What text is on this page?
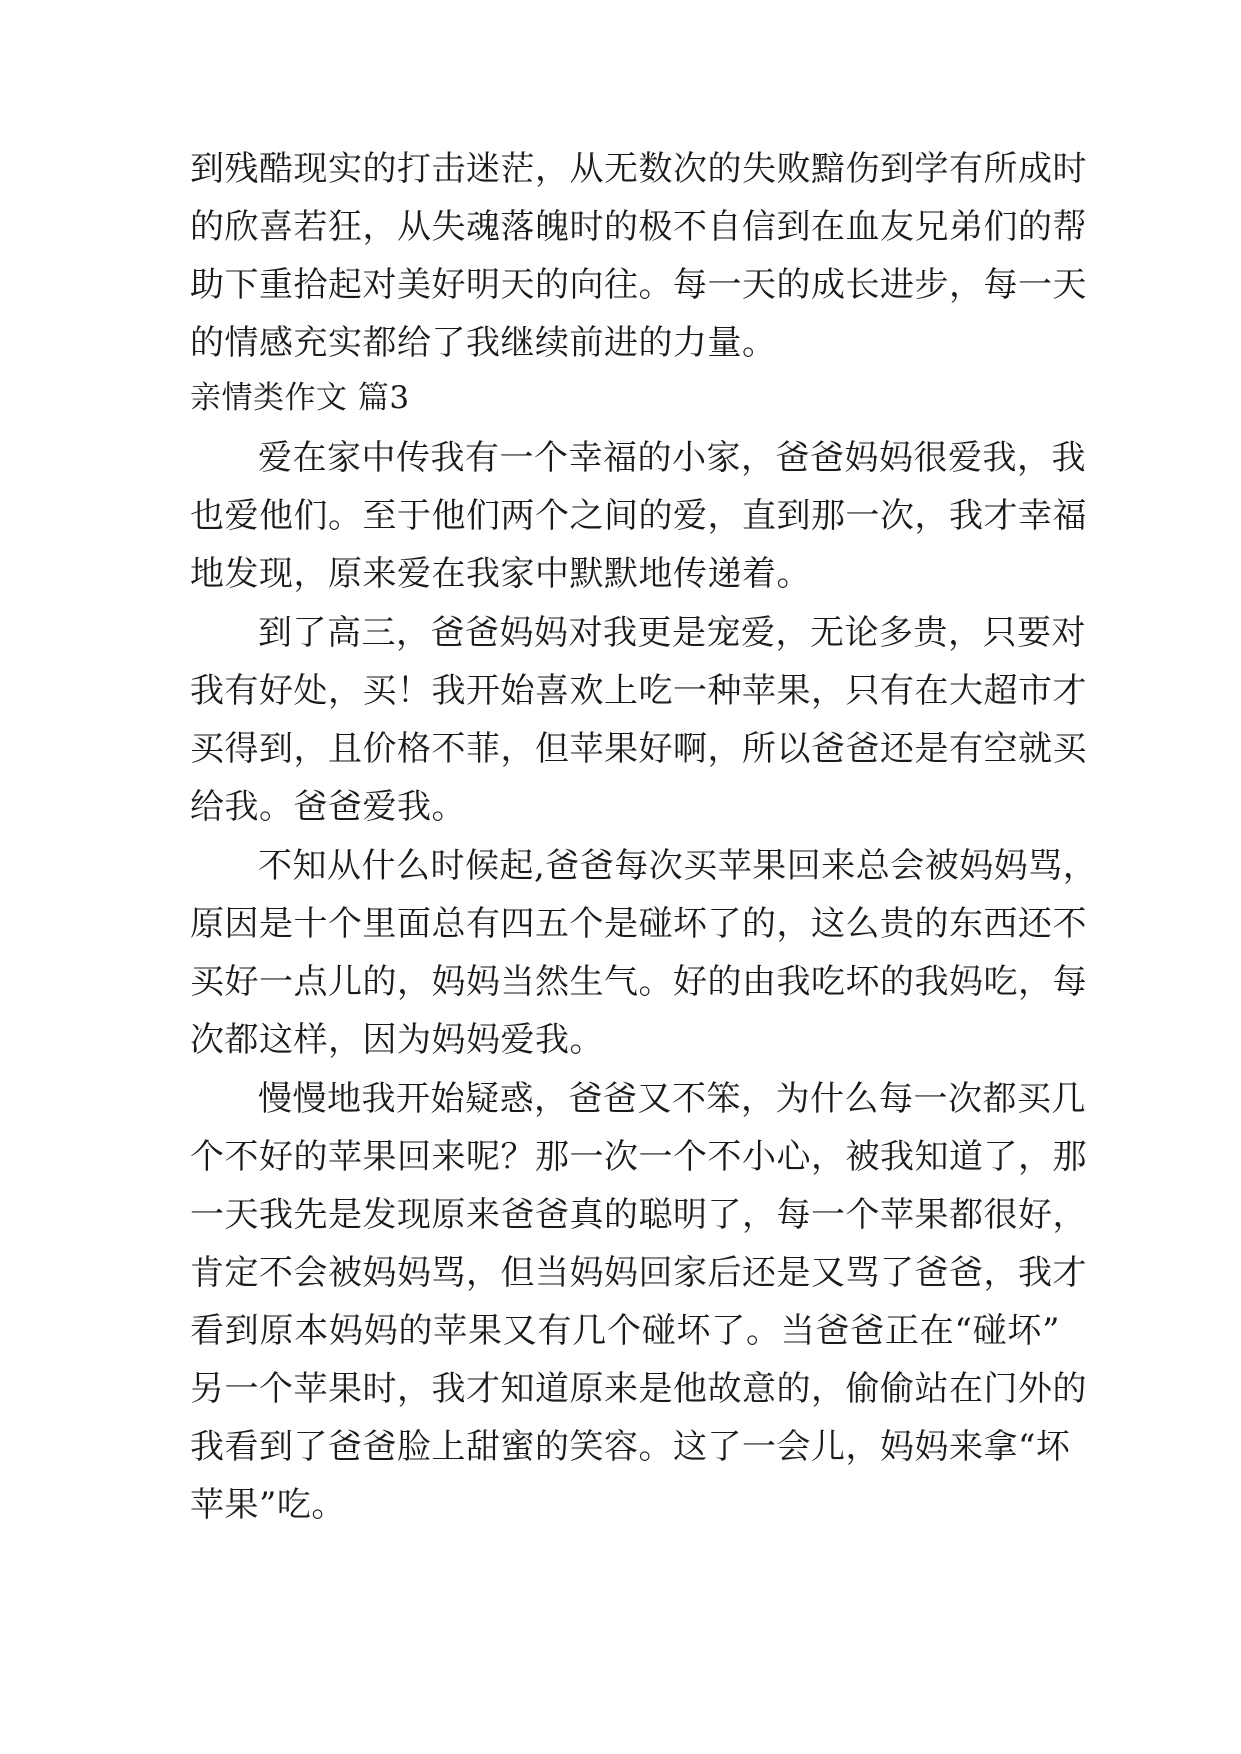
到残酷现实的打击迷茫，从无数次的失败黯伤到学有所成时
的欣喜若狂，从失魂落魄时的极不自信到在血友兄弟们的帮
助下重拾起对美好明天的向往。每一天的成长进步，每一天
的情感充实都给了我继续前进的力量。
亲情类作文 篇3
爱在家中传我有一个幸福的小家，爸爸妈妈很爱我，我
也爱他们。至于他们两个之间的爱，直到那一次，我才幸福
地发现，原来爱在我家中默默地传递着。
到了高三，爸爸妈妈对我更是宠爱，无论多贵，只要对
我有好处，买！我开始喜欢上吃一种苹果，只有在大超市才
买得到，且价格不菲，但苹果好啊，所以爸爸还是有空就买
给我。爸爸爱我。
不知从什么时候起,爸爸每次买苹果回来总会被妈妈骂，
原因是十个里面总有四五个是碰坏了的，这么贵的东西还不
买好一点儿的，妈妈当然生气。好的由我吃坏的我妈吃，每
次都这样，因为妈妈爱我。
慢慢地我开始疑惑，爸爸又不笨，为什么每一次都买几
个不好的苹果回来呢？那一次一个不小心，被我知道了，那
一天我先是发现原来爸爸真的聪明了，每一个苹果都很好，
肯定不会被妈妈骂，但当妈妈回家后还是又骂了爸爸，我才
看到原本妈妈的苹果又有几个碰坏了。当爸爸正在“碰坏”
另一个苹果时，我才知道原来是他故意的，偷偷站在门外的
我看到了爸爸脸上甜蜜的笑容。这了一会儿，妈妈来拿“坏
苹果”吃。
